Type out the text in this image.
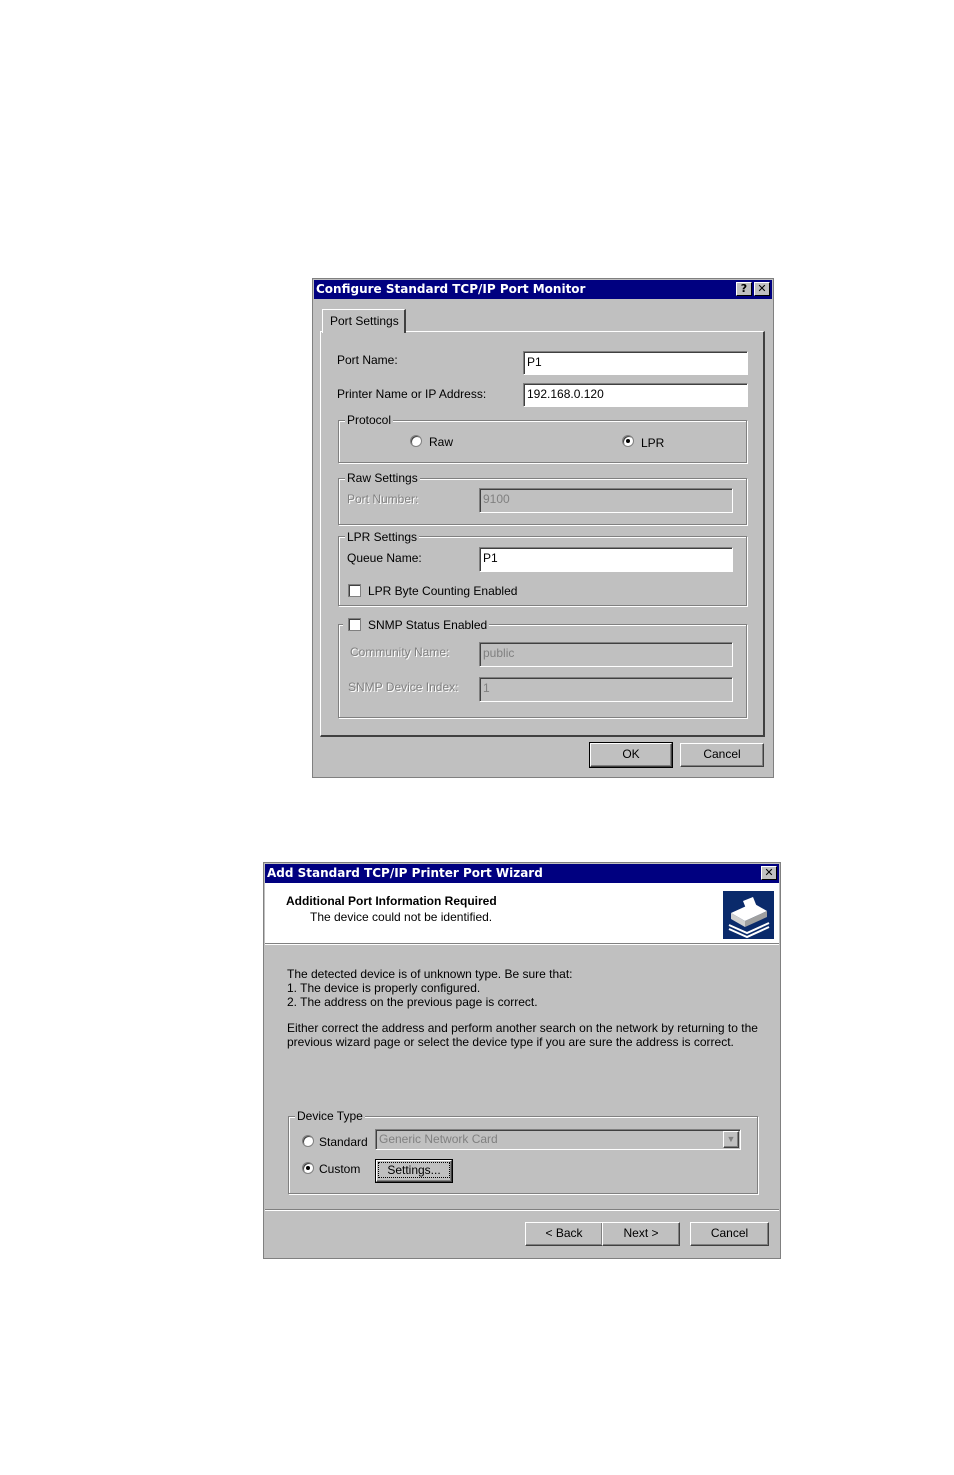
Configure Standard TCP/IP Port Monitor	? ✕
Port Settings
Port Name:	P1
Printer Name or IP Address:	192.168.0.120
Protocol
Raw	LPR
Raw Settings
Port Number:	9100
LPR Settings
Queue Name:	P1
LPR Byte Counting Enabled
SNMP Status Enabled
Community Name:	public
SNMP Device Index:	1
OK	Cancel
Add Standard TCP/IP Printer Port Wizard	✕
Additional Port Information Required
The device could not be identified.
The detected device is of unknown type. Be sure that:
1. The device is properly configured.
2. The address on the previous page is correct.
Either correct the address and perform another search on the network by returning to the
previous wizard page or select the device type if you are sure the address is correct.
Device Type
Standard Generic Network Card	▼
Custom	Settings...
< Back	Next >	Cancel
